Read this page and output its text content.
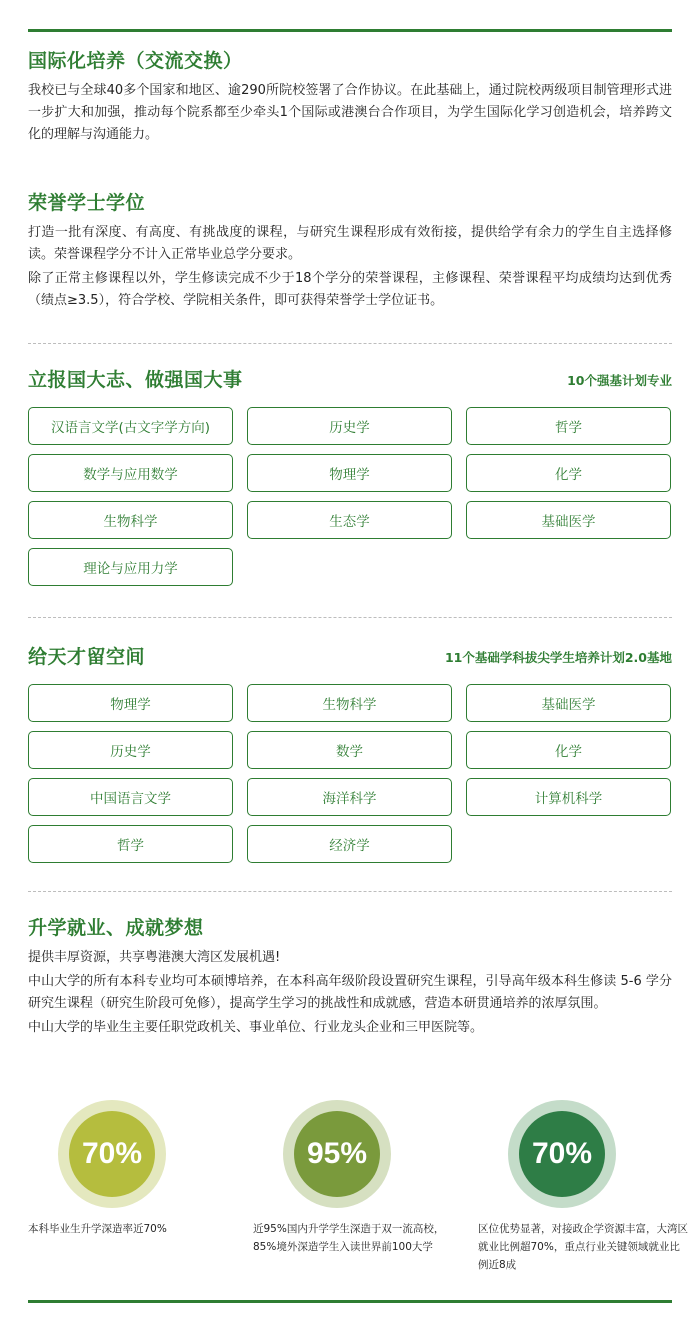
国际化培养（交流交换）
我校已与全球40多个国家和地区、逾290所院校签署了合作协议。在此基础上，通过院校两级项目制管理形式进一步扩大和加强，推动每个院系都至少牵头1个国际或港澳台合作项目，为学生国际化学习创造机会，培养跨文化的理解与沟通能力。
荣誉学士学位
打造一批有深度、有高度、有挑战度的课程，与研究生课程形成有效衔接，提供给学有余力的学生自主选择修读。荣誉课程学分不计入正常毕业总学分要求。
除了正常主修课程以外，学生修读完成不少于18个学分的荣誉课程，主修课程、荣誉课程平均成绩均达到优秀（绩点≥3.5），符合学校、学院相关条件，即可获得荣誉学士学位证书。
立报国大志、做强国大事	10个强基计划专业
汉语言文学(古文字学方向)	历史学	哲学
数学与应用数学	物理学	化学
生物科学	生态学	基础医学
理论与应用力学
给天才留空间	11个基础学科拔尖学生培养计划2.0基地
物理学	生物科学	基础医学
历史学	数学	化学
中国语言文学	海洋科学	计算机科学
哲学	经济学
升学就业、成就梦想
提供丰厚资源，共享粤港澳大湾区发展机遇!
中山大学的所有本科专业均可本硕博培养，在本科高年级阶段设置研究生课程，引导高年级本科生修读 5-6 学分研究生课程（研究生阶段可免修），提高学生学习的挑战性和成就感，营造本研贯通培养的浓厚氛围。
中山大学的毕业生主要任职党政机关、事业单位、行业龙头企业和三甲医院等。
70%
本科毕业生升学深造率近70%
95%
近95%国内升学学生深造于双一流高校，85%境外深造学生入读世界前100大学
70%
区位优势显著，对接政企学资源丰富，大湾区就业比例超70%，重点行业关键领域就业比例近8成
